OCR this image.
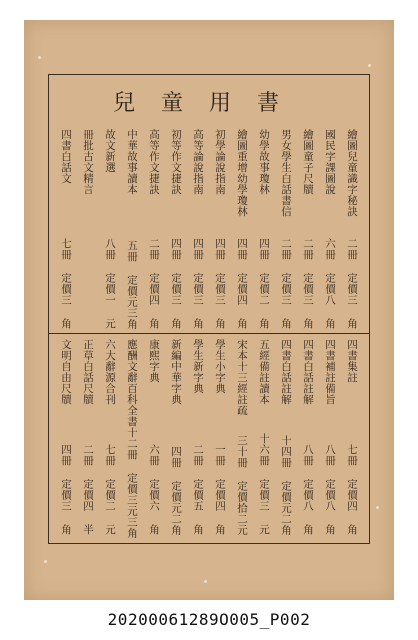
兒童用書
繪圖兒童識字秘訣
二冊 定價三 角
國民字課圖說
六冊 定價八 角
繪圖童子尺牘
二冊 定價三 角
男女學生白話書信
二冊 定價三 角
幼學故事瓊林
四冊 定價二 角
繪圖重增幼學瓊林
四冊 定價四 角
初學論說指南
四冊 定價三 角
高等論說指南
四冊 定價三 角
初等作文捷訣
四冊 定價三 角
高等作文捷訣
二冊 定價四 角
中華故事讀本
五冊 定價元三角
故文新選
八冊 定價一 元
冊批古文精言
四書白話文
七冊 定價三 角
四書集註
七冊 定價四 角
四書補註備旨
八冊 定價八 角
四書白話註解
八冊 定價八 角
四書白話註解
十四冊 定價元二角
五經備註讀本
十六冊 定價三 元
宋本十三經註疏
三十冊 定價拾二元
學生小字典
一冊 定價四 角
學生新字典
二冊 定價五 角
新編中華字典
四冊 定價元二角
康熙字典
六冊 定價六 角
應酬文辭百科全書
十二冊 定價三元三角
六大辭源合刊
七冊 定價二 元
正草白話尺牘
二冊 定價四 半
文明自由尺牘
四冊 定價三 角
20200061289O005_P002
